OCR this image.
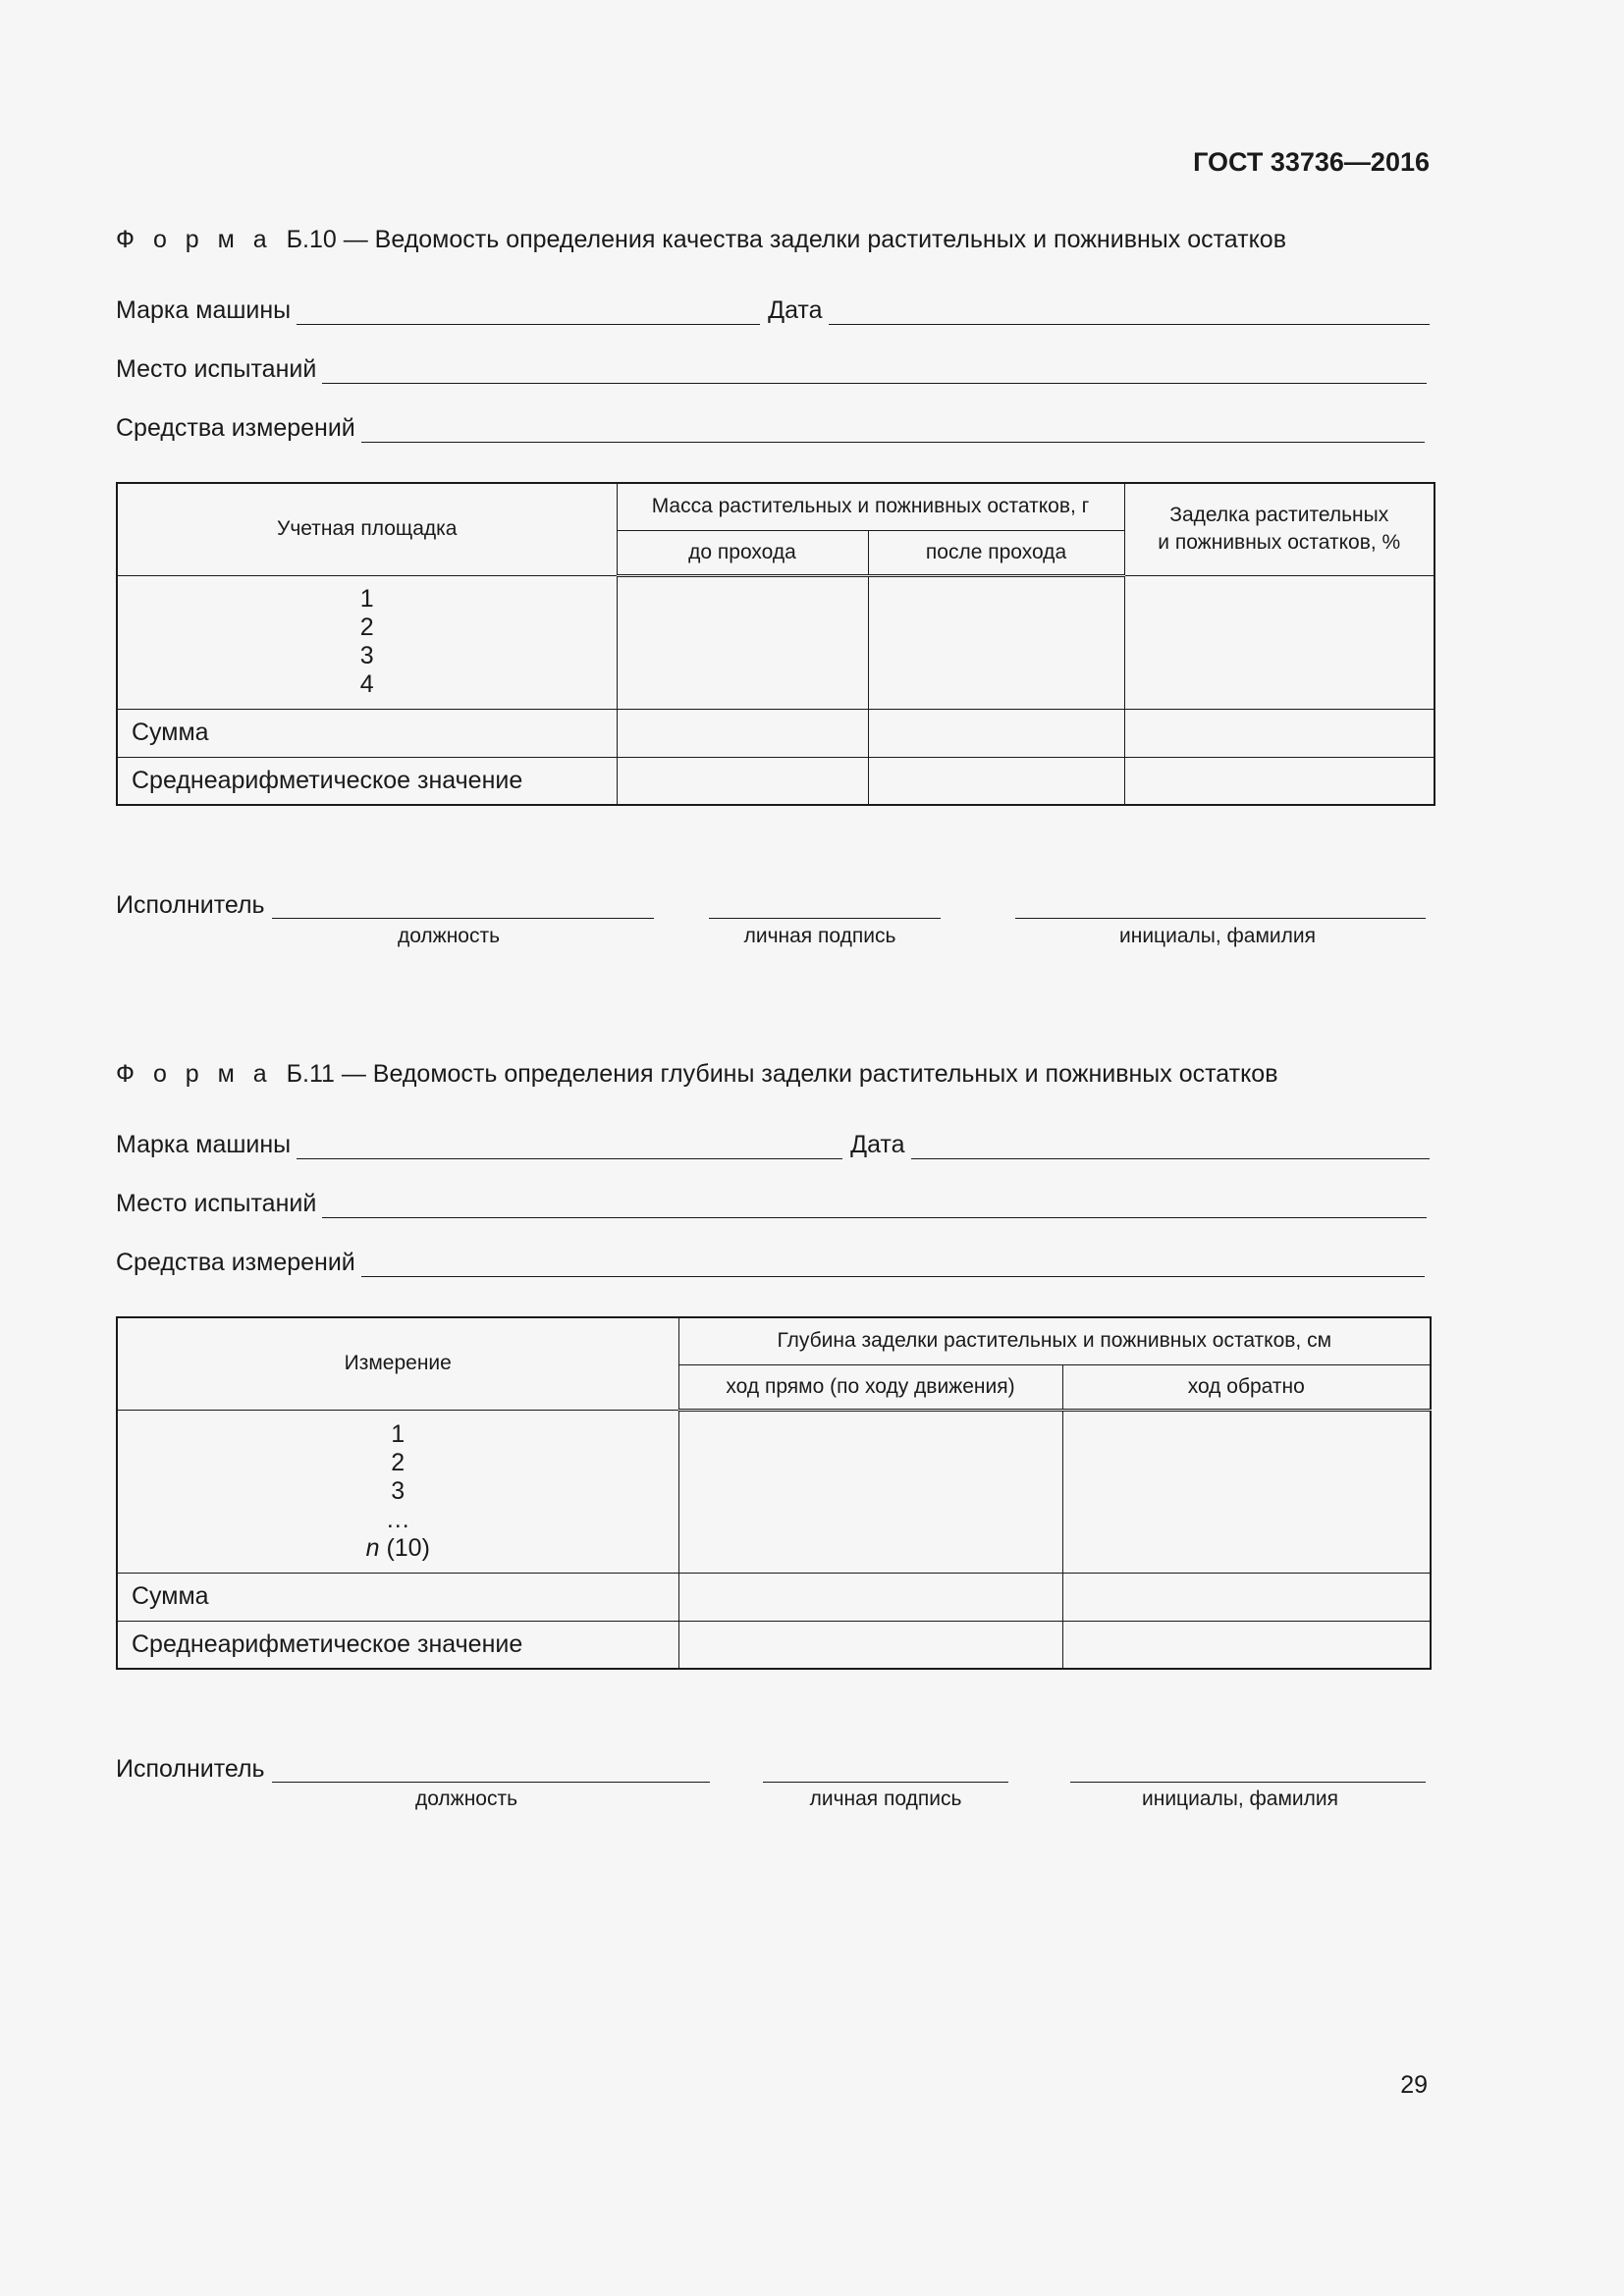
ГОСТ 33736—2016
Ф о р м а Б.10 — Ведомость определения качества заделки растительных и пожнивных остатков
Марка машины	Дата
Место испытаний
Средства измерений
Учетная площадка	Масса растительных и пожнивных остатков, г		Заделка растительных
и пожнивных остатков, %

	до прохода	после прохода	

1
2
3
4			

Сумма			
Среднеарифметическое значение			
Исполнитель
должность	личная подпись	инициалы, фамилия
Ф о р м а Б.11 — Ведомость определения глубины заделки растительных и пожнивных остатков
Марка машины	Дата
Место испытаний
Средства измерений
Измерение	Глубина заделки растительных и пожнивных остатков, см	
	ход прямо (по ходу движения)	ход обратно

1
2
3
…
n (10)		

Сумма		
Среднеарифметическое значение		
Исполнитель
должность	личная подпись	инициалы, фамилия
29
